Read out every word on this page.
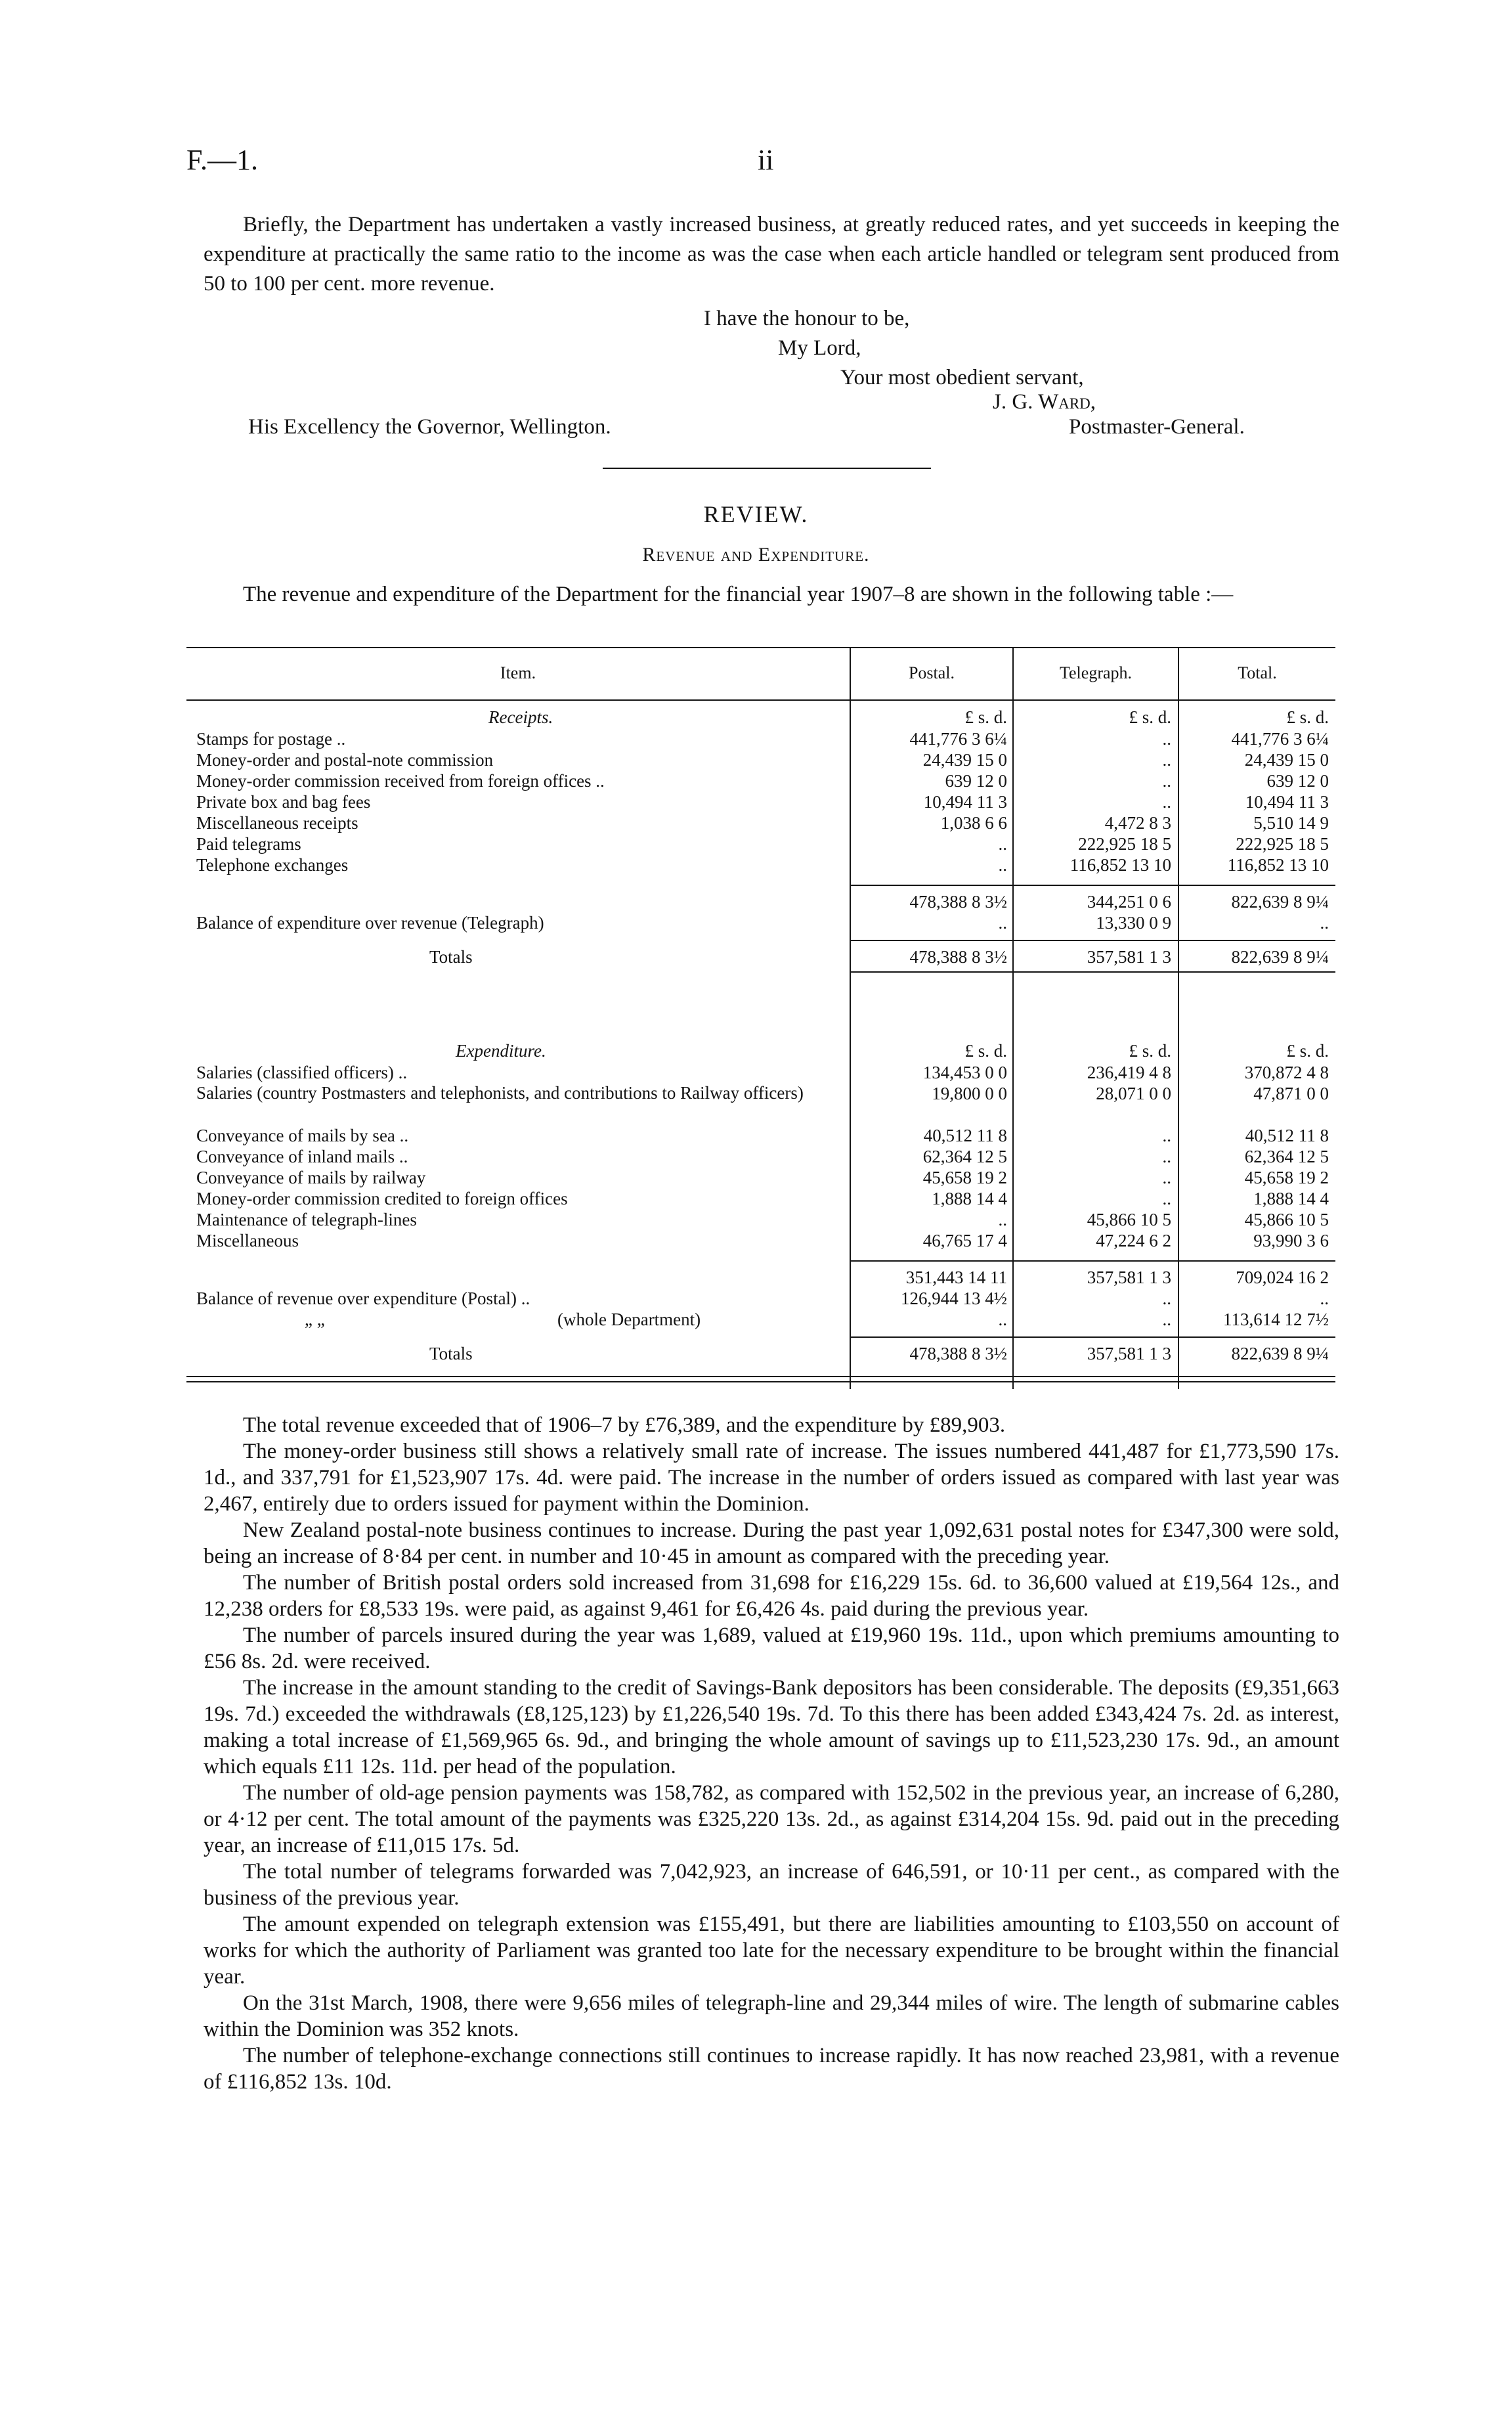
F.—1.	ii

Briefly, the Department has undertaken a vastly increased business, at greatly reduced rates, and yet succeeds in keeping the expenditure at practically the same ratio to the income as was the case when each article handled or telegram sent produced from 50 to 100 per cent. more revenue.

I have the honour to be,
My Lord,
Your most obedient servant,
J. G. Ward,
His Excellency the Governor, Wellington.	Postmaster-General.
REVIEW.
Revenue and Expenditure.

The revenue and expenditure of the Department for the financial year 1907–8 are shown in the following table :—

Item.	Postal.	Telegraph.	Total.
Receipts.	£ s. d.	£ s. d.	£ s. d.
Stamps for postage ..	441,776 3 6¼	..	441,776 3 6¼
Money-order and postal-note commission	24,439 15 0	..	24,439 15 0
Money-order commission received from foreign offices ..	639 12 0	..	639 12 0
Private box and bag fees	10,494 11 3	..	10,494 11 3
Miscellaneous receipts	1,038 6 6	4,472 8 3	5,510 14 9
Paid telegrams	..	222,925 18 5	222,925 18 5
Telephone exchanges	..	116,852 13 10	116,852 13 10
478,388 8 3½	344,251 0 6	822,639 8 9¼
Balance of expenditure over revenue (Telegraph)	..	13,330 0 9	..
Totals	478,388 8 3½	357,581 1 3	822,639 8 9¼
Expenditure.	£ s. d.	£ s. d.	£ s. d.
Salaries (classified officers) ..	134,453 0 0	236,419 4 8	370,872 4 8
Salaries (country Postmasters and telephonists, and contributions to Railway officers)	19,800 0 0	28,071 0 0	47,871 0 0
Conveyance of mails by sea ..	40,512 11 8	..	40,512 11 8
Conveyance of inland mails ..	62,364 12 5	..	62,364 12 5
Conveyance of mails by railway	45,658 19 2	..	45,658 19 2
Money-order commission credited to foreign offices	1,888 14 4	..	1,888 14 4
Maintenance of telegraph-lines	..	45,866 10 5	45,866 10 5
Miscellaneous	46,765 17 4	47,224 6 2	93,990 3 6
351,443 14 11	357,581 1 3	709,024 16 2
Balance of revenue over expenditure (Postal) ..	126,944 13 4½	..	..
„ „	(whole Department)	..	..	113,614 12 7½
Totals	478,388 8 3½	357,581 1 3	822,639 8 9¼

The total revenue exceeded that of 1906–7 by £76,389, and the expenditure by £89,903.

The money-order business still shows a relatively small rate of increase. The issues numbered 441,487 for £1,773,590 17s. 1d., and 337,791 for £1,523,907 17s. 4d. were paid. The increase in the number of orders issued as compared with last year was 2,467, entirely due to orders issued for payment within the Dominion.

New Zealand postal-note business continues to increase. During the past year 1,092,631 postal notes for £347,300 were sold, being an increase of 8·84 per cent. in number and 10·45 in amount as compared with the preceding year.

The number of British postal orders sold increased from 31,698 for £16,229 15s. 6d. to 36,600 valued at £19,564 12s., and 12,238 orders for £8,533 19s. were paid, as against 9,461 for £6,426 4s. paid during the previous year.

The number of parcels insured during the year was 1,689, valued at £19,960 19s. 11d., upon which premiums amounting to £56 8s. 2d. were received.

The increase in the amount standing to the credit of Savings-Bank depositors has been considerable. The deposits (£9,351,663 19s. 7d.) exceeded the withdrawals (£8,125,123) by £1,226,540 19s. 7d. To this there has been added £343,424 7s. 2d. as interest, making a total increase of £1,569,965 6s. 9d., and bringing the whole amount of savings up to £11,523,230 17s. 9d., an amount which equals £11 12s. 11d. per head of the population.

The number of old-age pension payments was 158,782, as compared with 152,502 in the previous year, an increase of 6,280, or 4·12 per cent. The total amount of the payments was £325,220 13s. 2d., as against £314,204 15s. 9d. paid out in the preceding year, an increase of £11,015 17s. 5d.

The total number of telegrams forwarded was 7,042,923, an increase of 646,591, or 10·11 per cent., as compared with the business of the previous year.

The amount expended on telegraph extension was £155,491, but there are liabilities amounting to £103,550 on account of works for which the authority of Parliament was granted too late for the necessary expenditure to be brought within the financial year.

On the 31st March, 1908, there were 9,656 miles of telegraph-line and 29,344 miles of wire. The length of submarine cables within the Dominion was 352 knots.

The number of telephone-exchange connections still continues to increase rapidly. It has now reached 23,981, with a revenue of £116,852 13s. 10d.
